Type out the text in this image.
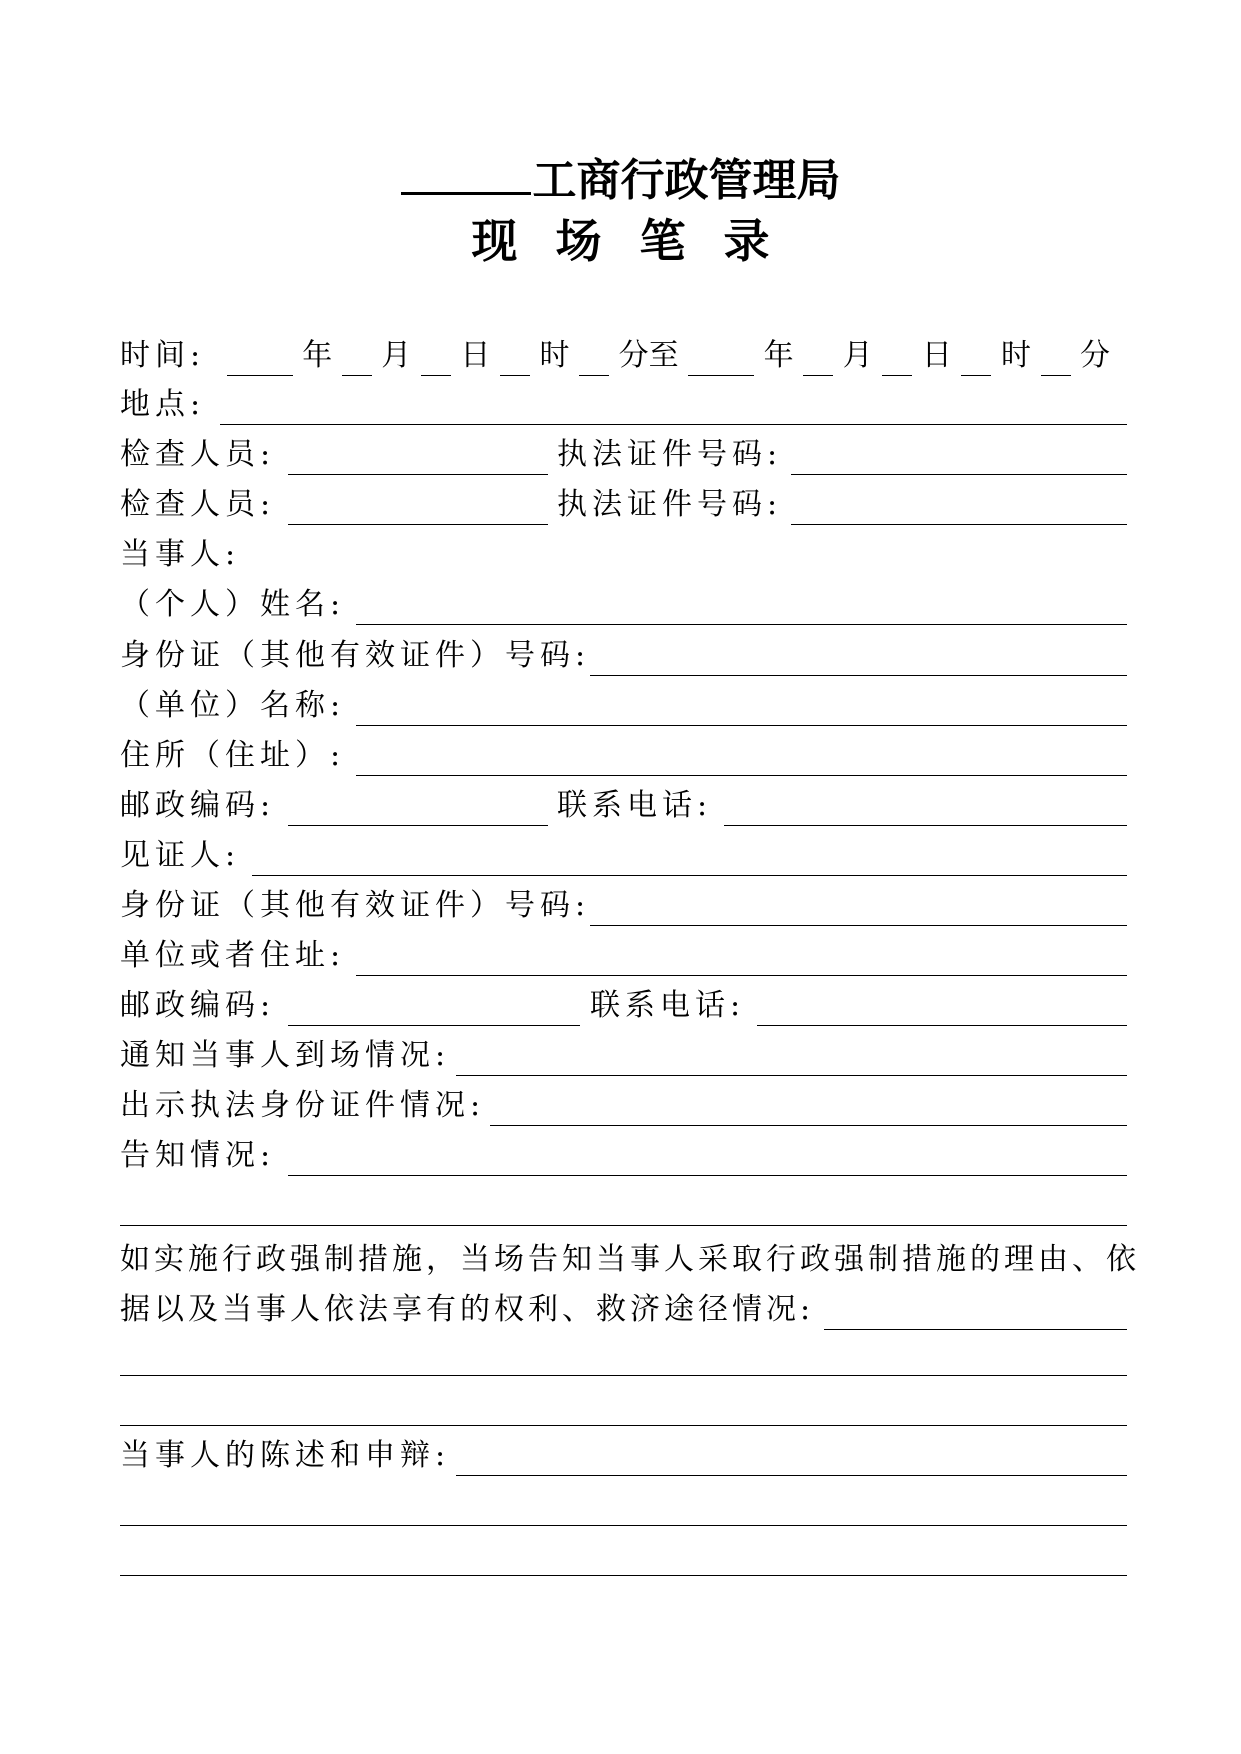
工商行政管理局
现场笔录
时间:	年 月 日 时 分至	年 月 日 时 分
地点:
检查人员:	执法证件号码:
检查人员:	执法证件号码:
当事人:
（个人）姓名:
身份证（其他有效证件）号码:
（单位）名称:
住所（住址）:
邮政编码:	联系电话:
见证人:
身份证（其他有效证件）号码:
单位或者住址:
邮政编码:	联系电话:
通知当事人到场情况:
出示执法身份证件情况:
告知情况:
如实施行政强制措施，当场告知当事人采取行政强制措施的理由、依
据以及当事人依法享有的权利、救济途径情况:
当事人的陈述和申辩:
